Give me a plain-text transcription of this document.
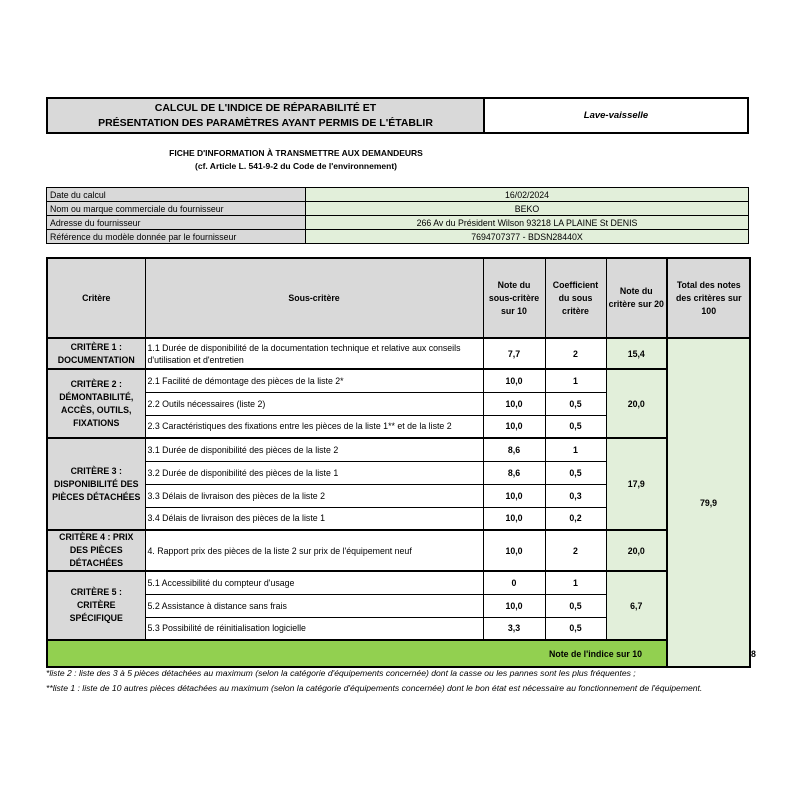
CALCUL DE L'INDICE DE RÉPARABILITÉ ET
PRÉSENTATION DES PARAMÈTRES AYANT PERMIS DE L'ÉTABLIR
Lave-vaisselle
FICHE D'INFORMATION À TRANSMETTRE AUX DEMANDEURS
(cf. Article L. 541-9-2 du Code de l'environnement)
Date du calcul	16/02/2024
Nom ou marque commerciale du fournisseur	BEKO
Adresse du fournisseur	266 Av du Président Wilson 93218 LA PLAINE St DENIS
Référence du modèle donnée par le fournisseur	7694707377 - BDSN28440X
Critère	Sous-critère	Note du sous-critère sur 10	Coefficient du sous critère	Note du critère sur 20	Total des notes des critères sur 100	
CRITÈRE 1 : DOCUMENTATION	1.1 Durée de disponibilité de la documentation technique et relative aux conseils d'utilisation et d'entretien	7,7	2	15,4	79,9	
CRITÈRE 2 : DÉMONTABILITÉ, ACCÈS, OUTILS, FIXATIONS	2.1 Facilité de démontage des pièces de la liste 2*	10,0	1	20,0		
	2.2 Outils nécessaires (liste 2)	10,0	0,5			
	2.3 Caractéristiques des fixations entre les pièces de la liste 1** et de la liste 2	10,0	0,5			
CRITÈRE 3 : DISPONIBILITÉ DES PIÈCES DÉTACHÉES	3.1 Durée de disponibilité des pièces de la liste 2	8,6	1	17,9		
	3.2 Durée de disponibilité des pièces de la liste 1	8,6	0,5			
	3.3 Délais de livraison des pièces de la liste 2	10,0	0,3			
	3.4 Délais de livraison des pièces de la liste 1	10,0	0,2			
CRITÈRE 4 : PRIX DES PIÈCES DÉTACHÉES	4. Rapport prix des pièces de la liste 2 sur prix de l'équipement neuf	10,0	2	20,0		
CRITÈRE 5 : CRITÈRE SPÉCIFIQUE	5.1 Accessibilité du compteur d'usage	0	1	6,7		
	5.2 Assistance à distance sans frais	10,0	0,5			
	5.3 Possibilité de réinitialisation logicielle	3,3	0,5			
Note de l'indice sur 10						8
*liste 2 : liste des 3 à 5 pièces détachées au maximum (selon la catégorie d'équipements concernée) dont la casse ou les pannes sont les plus fréquentes ;
**liste 1 : liste de 10 autres pièces détachées au maximum (selon la catégorie d'équipements concernée) dont le bon état est nécessaire au fonctionnement de l'équipement.
